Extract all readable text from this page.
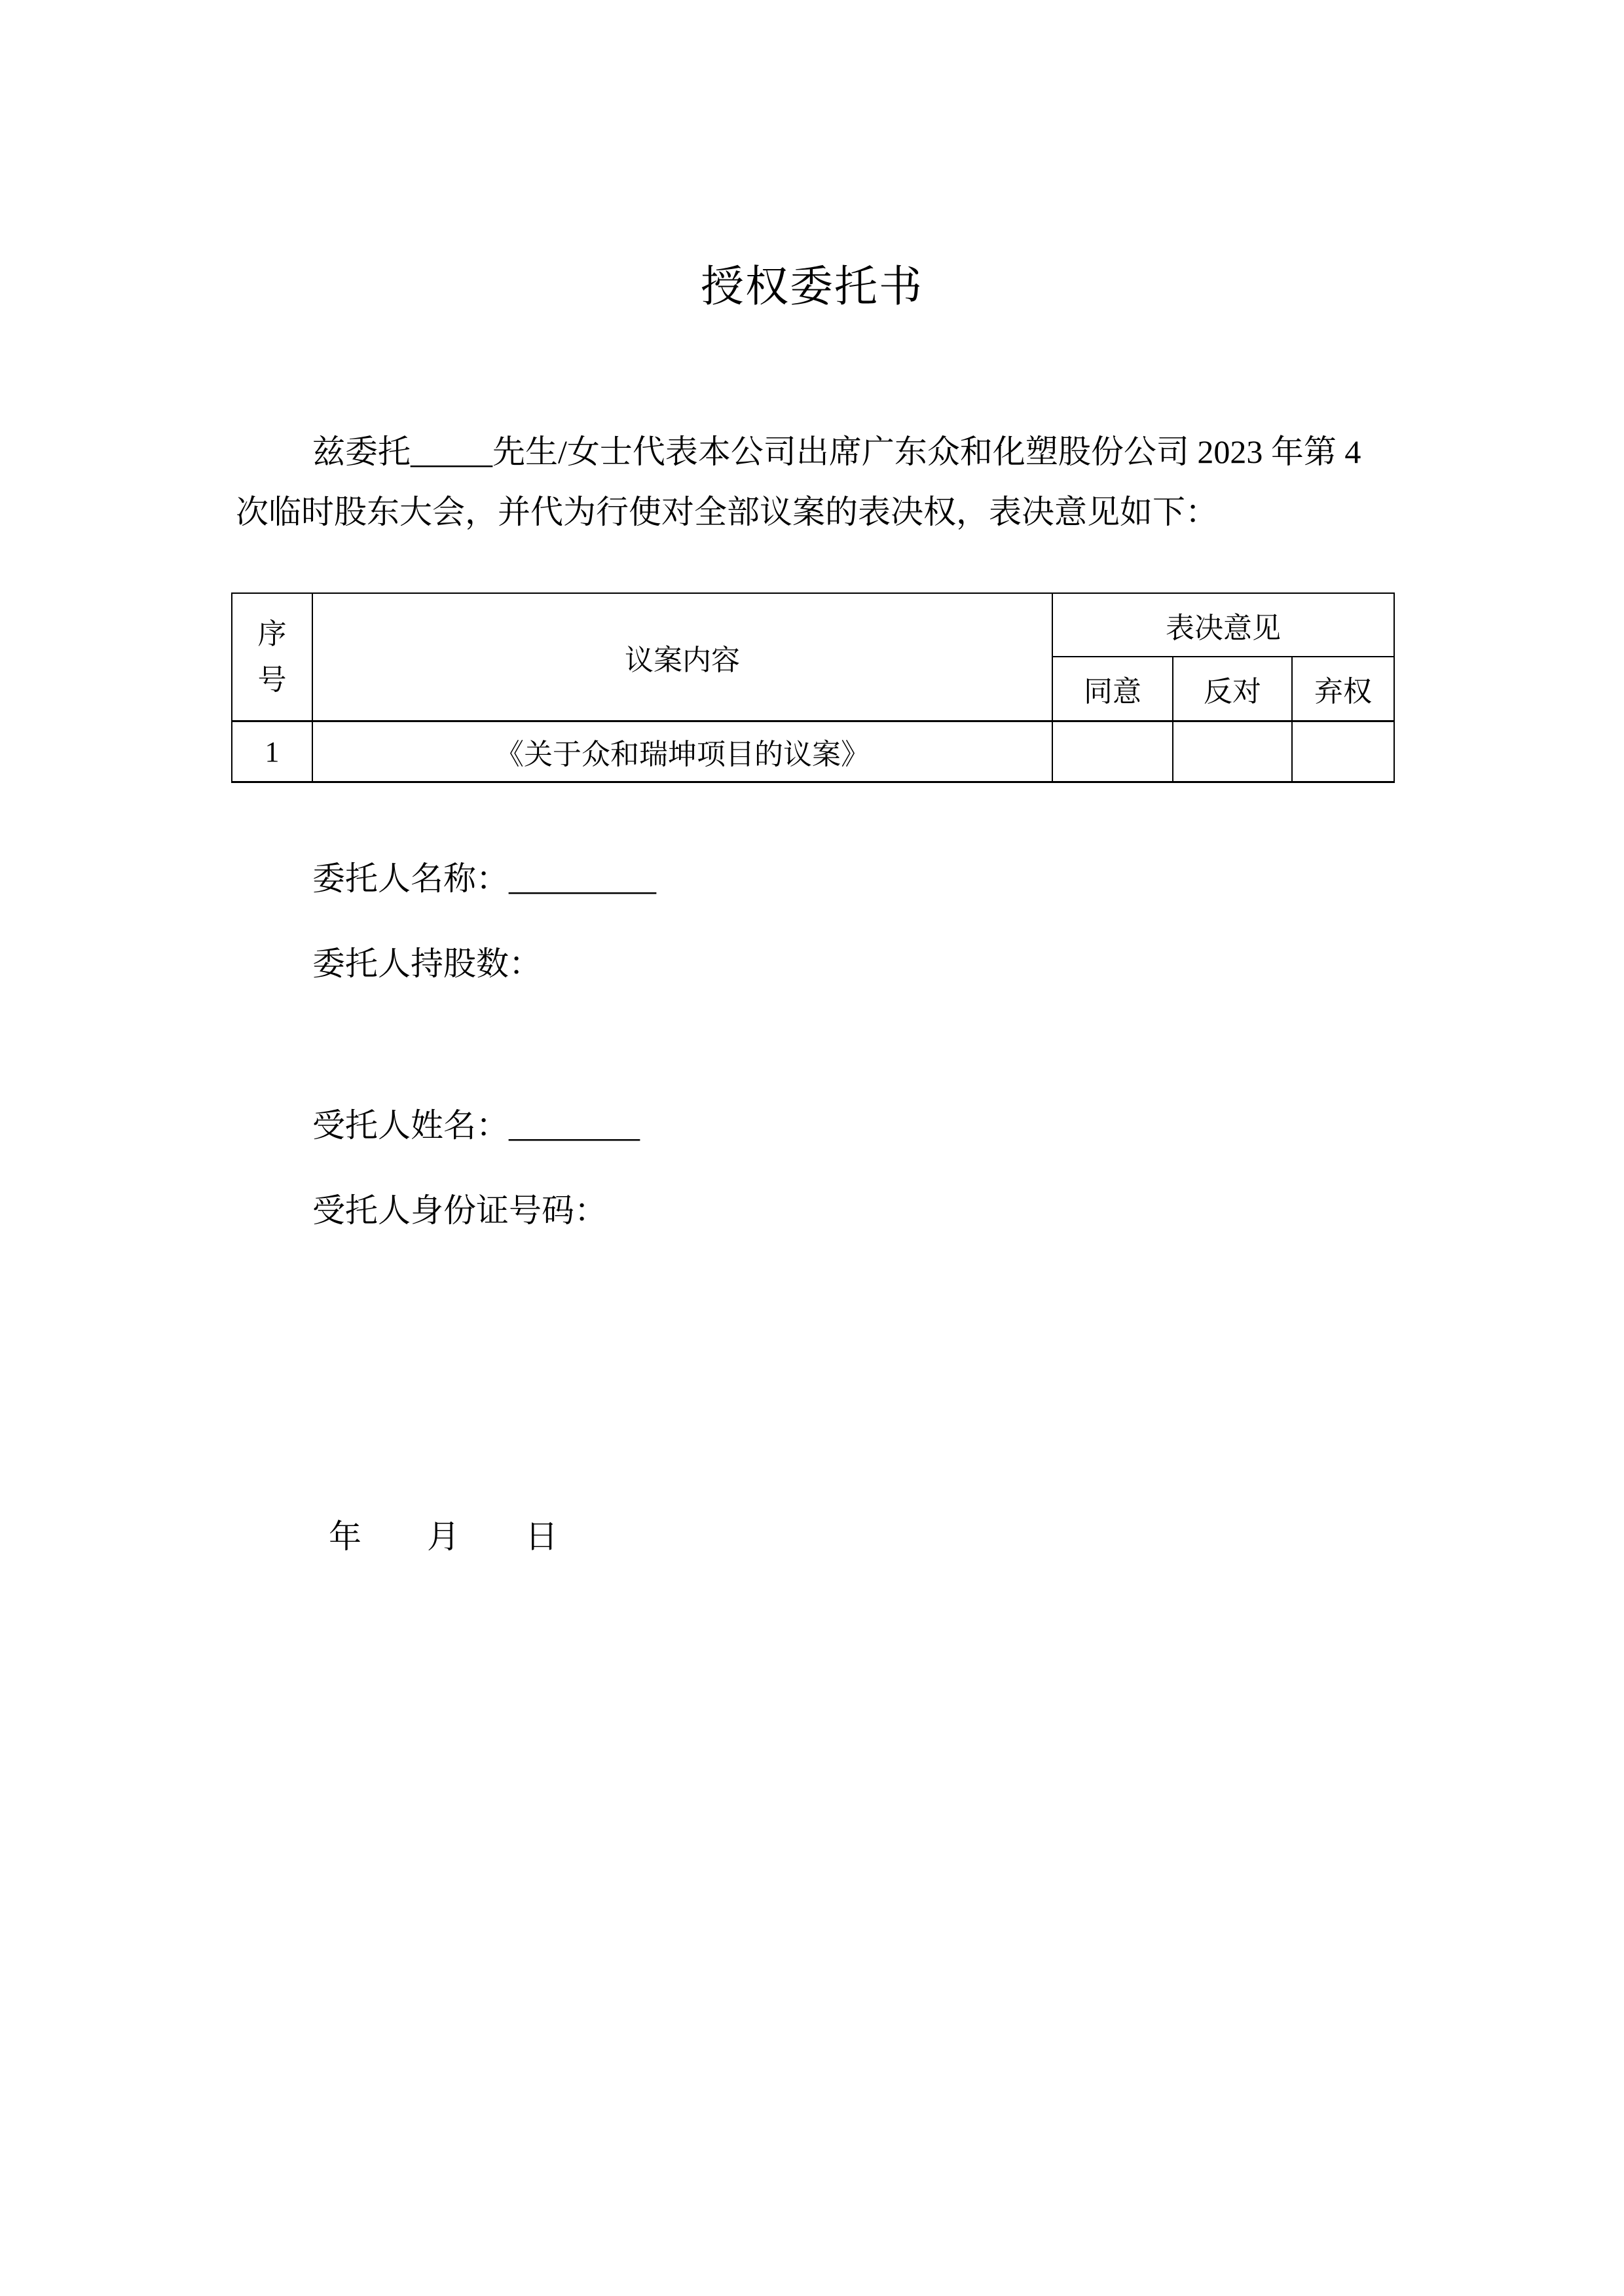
授权委托书
兹委托_____先生/女士代表本公司出席广东众和化塑股份公司 2023 年第 4
次临时股东大会，并代为行使对全部议案的表决权，表决意见如下：
序号	议案内容	表决意见		
		同意	反对	弃权
1	《关于众和瑞坤项目的议案》			
委托人名称：_________
委托人持股数：
受托人姓名：________
受托人身份证号码：
年　　月　　日
